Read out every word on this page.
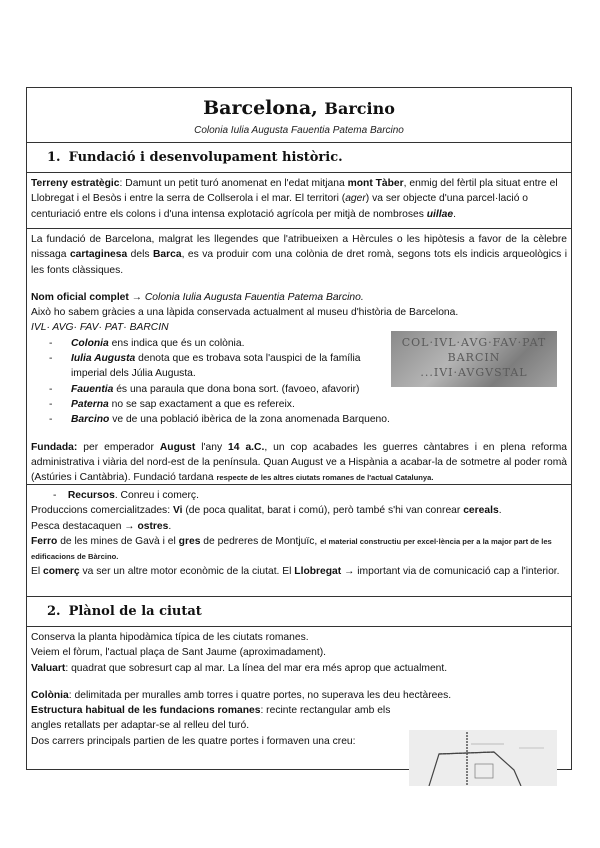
Barcelona, Barcino
Colonia Iulia Augusta Fauentia Patema Barcino
1. Fundació i desenvolupament històric.
Terreny estratègic: Damunt un petit turó anomenat en l'edat mitjana mont Tàber, enmig del fèrtil pla situat entre el Llobregat i el Besòs i entre la serra de Collserola i el mar. El territori (ager) va ser objecte d'una parcel·lació o centuriació entre els colons i d'una intensa explotació agrícola per mitjà de nombroses uillae.
La fundació de Barcelona, malgrat les llegendes que l'atribueixen a Hèrcules o les hipòtesis a favor de la cèlebre nissaga cartaginesa dels Barca, es va produir com una colònia de dret romà, segons tots els indicis arqueològics i les fonts clàssiques.
Nom oficial complet → Colonia Iulia Augusta Fauentia Patema Barcino.
Això ho sabem gràcies a una làpida conservada actualment al museu d'història de Barcelona.
IVL· AVG· FAV· PAT· BARCIN
- Colonia ens indica que és un colònia.
- Iulia Augusta denota que es trobava sota l'auspici de la família imperial dels Júlia Augusta.
- Fauentia és una paraula que dona bona sort. (favoeo, afavorir)
- Paterna no se sap exactament a que es refereix.
- Barcino ve de una població ibèrica de la zona anomenada Barqueno.
Fundada: per emperador August l'any 14 a.C., un cop acabades les guerres càntabres i en plena reforma administrativa i viària del nord-est de la península. Quan August ve a Hispània a acabar-la de sotmetre al poder romà (Astúries i Cantàbria). Fundació tardana respecte de les altres ciutats romanes de l'actual Catalunya.
COL·IVL·AVG·FAV·PAT
BARCIN
...IVI·AVGVSTAL
-    Recursos. Conreu i comerç.
Produccions comercialitzades: Vi (de poca qualitat, barat i comú), però també s'hi van conrear cereals.
Pesca destacaquen → ostres.
Ferro de les mines de Gavà i el gres de pedreres de Montjuïc, el material constructiu per excel·lència per a la major part de les edificacions de Bàrcino.
El comerç va ser un altre motor econòmic de la ciutat. El Llobregat → important via de comunicació cap a l'interior.
2. Plànol de la ciutat
Conserva la planta hipodàmica típica de les ciutats romanes.
Veiem el fòrum, l'actual plaça de Sant Jaume (aproximadament).
Valuart: quadrat que sobresurt cap al mar. La línea del mar era més aprop que actualment.
Colònia: delimitada per muralles amb torres i quatre portes, no superava les deu hectàrees.
Estructura habitual de les fundacions romanes: recinte rectangular amb els angles retallats per adaptar-se al relleu del turó.
Dos carrers principals partien de les quatre portes i formaven una creu:
